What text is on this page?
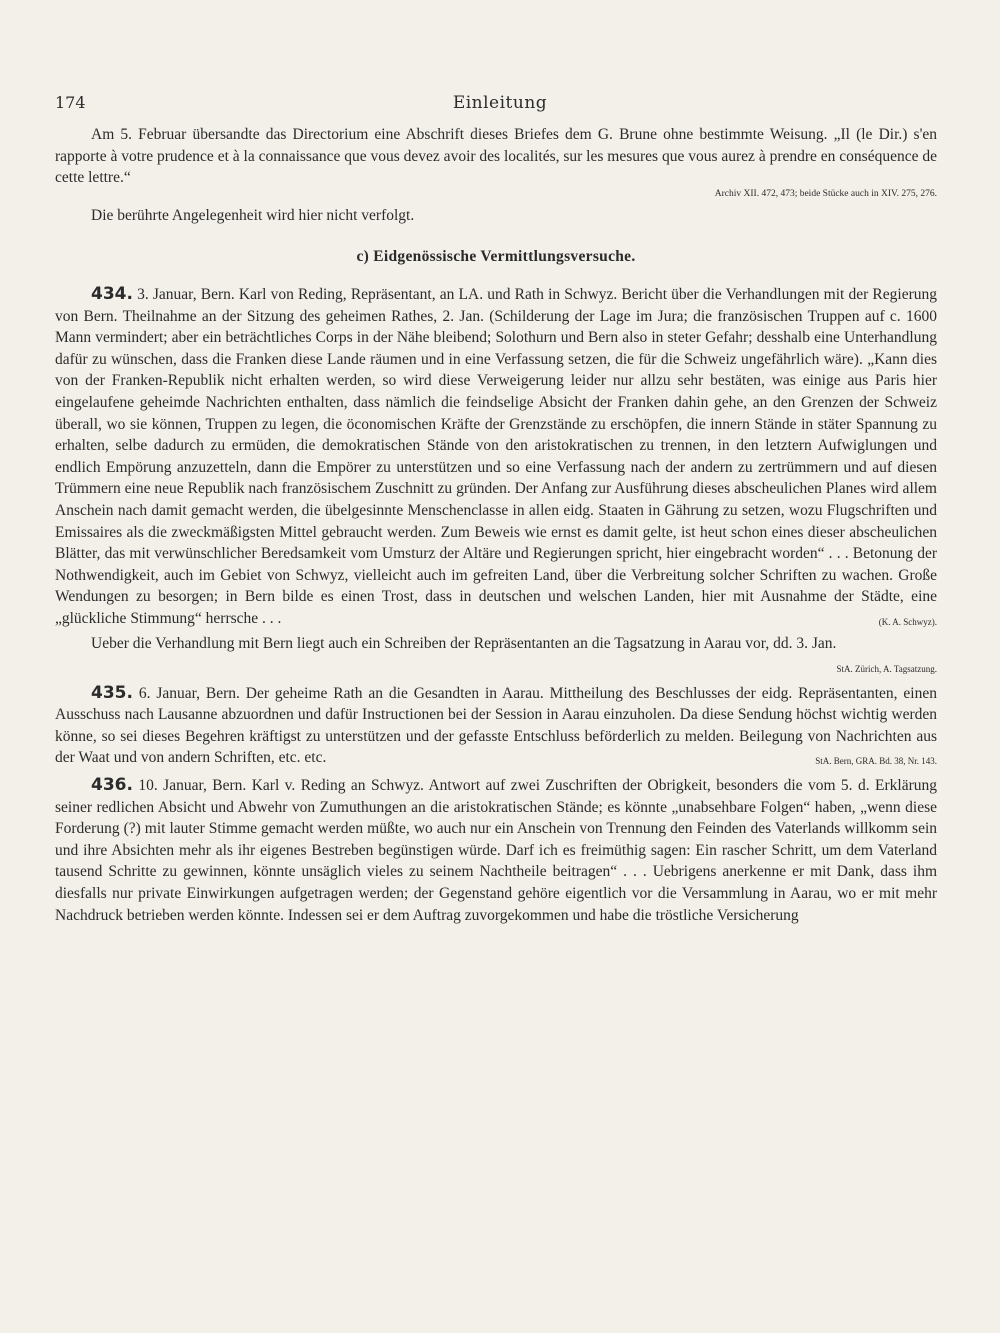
174	Einleitung

Am 5. Februar übersandte das Directorium eine Abschrift dieses Briefes dem G. Brune ohne bestimmte Weisung. „Il (le Dir.) s'en rapporte à votre prudence et à la connaissance que vous devez avoir des localités, sur les mesures que vous aurez à prendre en conséquence de cette lettre.“

Archiv XII. 472, 473; beide Stücke auch in XIV. 275, 276.

Die berührte Angelegenheit wird hier nicht verfolgt.

c) Eidgenössische Vermittlungsversuche.

434. 3. Januar, Bern. Karl von Reding, Repräsentant, an LA. und Rath in Schwyz. Bericht über die Verhandlungen mit der Regierung von Bern. Theilnahme an der Sitzung des geheimen Rathes, 2. Jan. (Schilderung der Lage im Jura; die französischen Truppen auf c. 1600 Mann vermindert; aber ein beträchtliches Corps in der Nähe bleibend; Solothurn und Bern also in steter Gefahr; desshalb eine Unterhandlung dafür zu wünschen, dass die Franken diese Lande räumen und in eine Verfassung setzen, die für die Schweiz ungefährlich wäre). „Kann dies von der Franken-Republik nicht erhalten werden, so wird diese Verweigerung leider nur allzu sehr bestäten, was einige aus Paris hier eingelaufene geheimde Nachrichten enthalten, dass nämlich die feindselige Absicht der Franken dahin gehe, an den Grenzen der Schweiz überall, wo sie können, Truppen zu legen, die öconomischen Kräfte der Grenzstände zu erschöpfen, die innern Stände in stäter Spannung zu erhalten, selbe dadurch zu ermüden, die demokratischen Stände von den aristokratischen zu trennen, in den letztern Aufwiglungen und endlich Empörung anzuzetteln, dann die Empörer zu unterstützen und so eine Verfassung nach der andern zu zertrümmern und auf diesen Trümmern eine neue Republik nach französischem Zuschnitt zu gründen. Der Anfang zur Ausführung dieses abscheulichen Planes wird allem Anschein nach damit gemacht werden, die übelgesinnte Menschenclasse in allen eidg. Staaten in Gährung zu setzen, wozu Flugschriften und Emissaires als die zweckmäßigsten Mittel gebraucht werden. Zum Beweis wie ernst es damit gelte, ist heut schon eines dieser abscheulichen Blätter, das mit verwünschlicher Beredsamkeit vom Umsturz der Altäre und Regierungen spricht, hier eingebracht worden“ . . . Betonung der Nothwendigkeit, auch im Gebiet von Schwyz, vielleicht auch im gefreiten Land, über die Verbreitung solcher Schriften zu wachen. Große Wendungen zu besorgen; in Bern bilde es einen Trost, dass in deutschen und welschen Landen, hier mit Ausnahme der Städte, eine „glückliche Stimmung“ herrsche . . .	(K. A. Schwyz).

Ueber die Verhandlung mit Bern liegt auch ein Schreiben der Repräsentanten an die Tagsatzung in Aarau vor, dd. 3. Jan.
StA. Zürich, A. Tagsatzung.

435. 6. Januar, Bern. Der geheime Rath an die Gesandten in Aarau. Mittheilung des Beschlusses der eidg. Repräsentanten, einen Ausschuss nach Lausanne abzuordnen und dafür Instructionen bei der Session in Aarau einzuholen. Da diese Sendung höchst wichtig werden könne, so sei dieses Begehren kräftigst zu unterstützen und der gefasste Entschluss beförderlich zu melden. Beilegung von Nachrichten aus der Waat und von andern Schriften, etc. etc.	StA. Bern, GRA. Bd. 38, Nr. 143.

436. 10. Januar, Bern. Karl v. Reding an Schwyz. Antwort auf zwei Zuschriften der Obrigkeit, besonders die vom 5. d. Erklärung seiner redlichen Absicht und Abwehr von Zumuthungen an die aristokratischen Stände; es könnte „unabsehbare Folgen“ haben, „wenn diese Forderung (?) mit lauter Stimme gemacht werden müßte, wo auch nur ein Anschein von Trennung den Feinden des Vaterlands willkomm sein und ihre Absichten mehr als ihr eigenes Bestreben begünstigen würde. Darf ich es freimüthig sagen: Ein rascher Schritt, um dem Vaterland tausend Schritte zu gewinnen, könnte unsäglich vieles zu seinem Nachtheile beitragen“ . . . Uebrigens anerkenne er mit Dank, dass ihm diesfalls nur private Einwirkungen aufgetragen werden; der Gegenstand gehöre eigentlich vor die Versammlung in Aarau, wo er mit mehr Nachdruck betrieben werden könnte. Indessen sei er dem Auftrag zuvorgekommen und habe die tröstliche Versicherung
